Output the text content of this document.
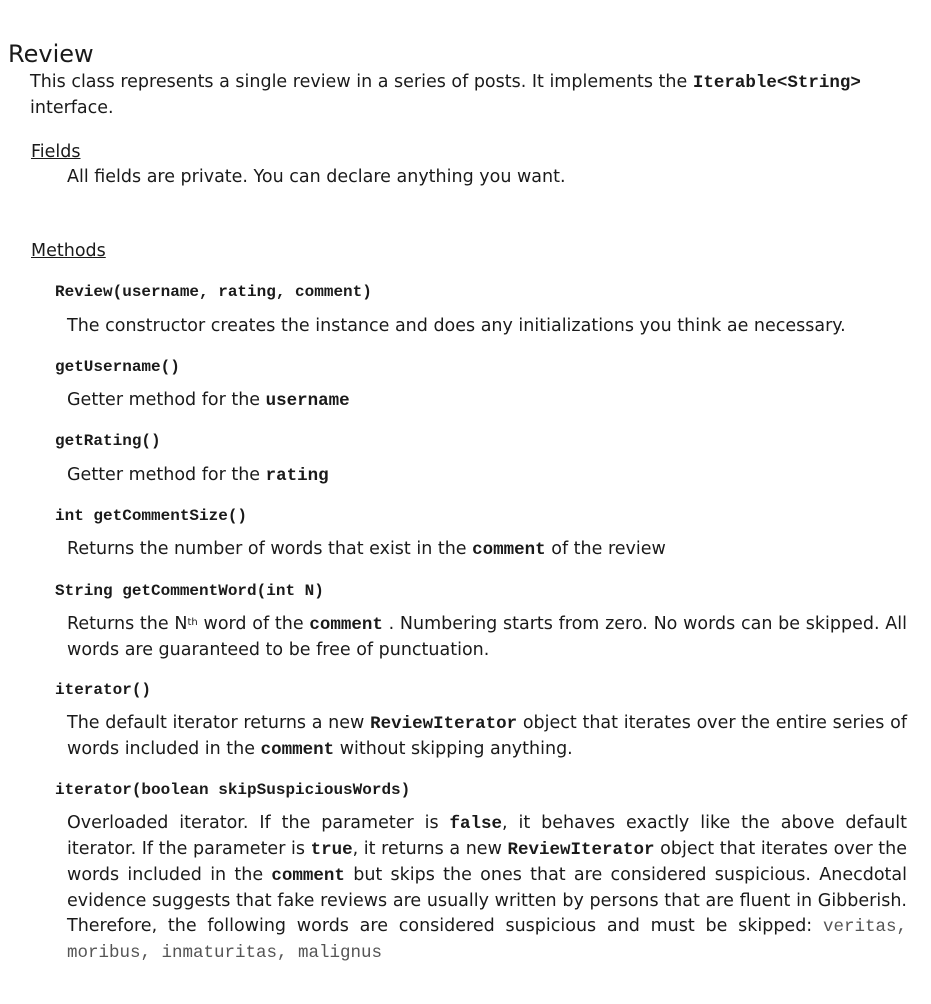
Review
This class represents a single review in a series of posts. It implements the Iterable<String>
interface.
Fields
All fields are private. You can declare anything you want.
Methods
Review(username, rating, comment)
The constructor creates the instance and does any initializations you think ae necessary.
getUsername()
Getter method for the username
getRating()
Getter method for the rating
int getCommentSize()
Returns the number of words that exist in the comment of the review
String getCommentWord(int N)
Returns the $N^{th}$ word of the comment . Numbering starts from zero. No words can be skipped. All words are guaranteed to be free of punctuation.
iterator()
The default iterator returns a new ReviewIterator object that iterates over the entire series of words included in the comment without skipping anything.
iterator(boolean skipSuspiciousWords)
Overloaded iterator. If the parameter is false, it behaves exactly like the above default iterator. If the parameter is true, it returns a new ReviewIterator object that iterates over the words included in the comment but skips the ones that are considered suspicious. Anecdotal evidence suggests that fake reviews are usually written by persons that are fluent in Gibberish. Therefore, the following words are considered suspicious and must be skipped: veritas, moribus, inmaturitas, malignus
